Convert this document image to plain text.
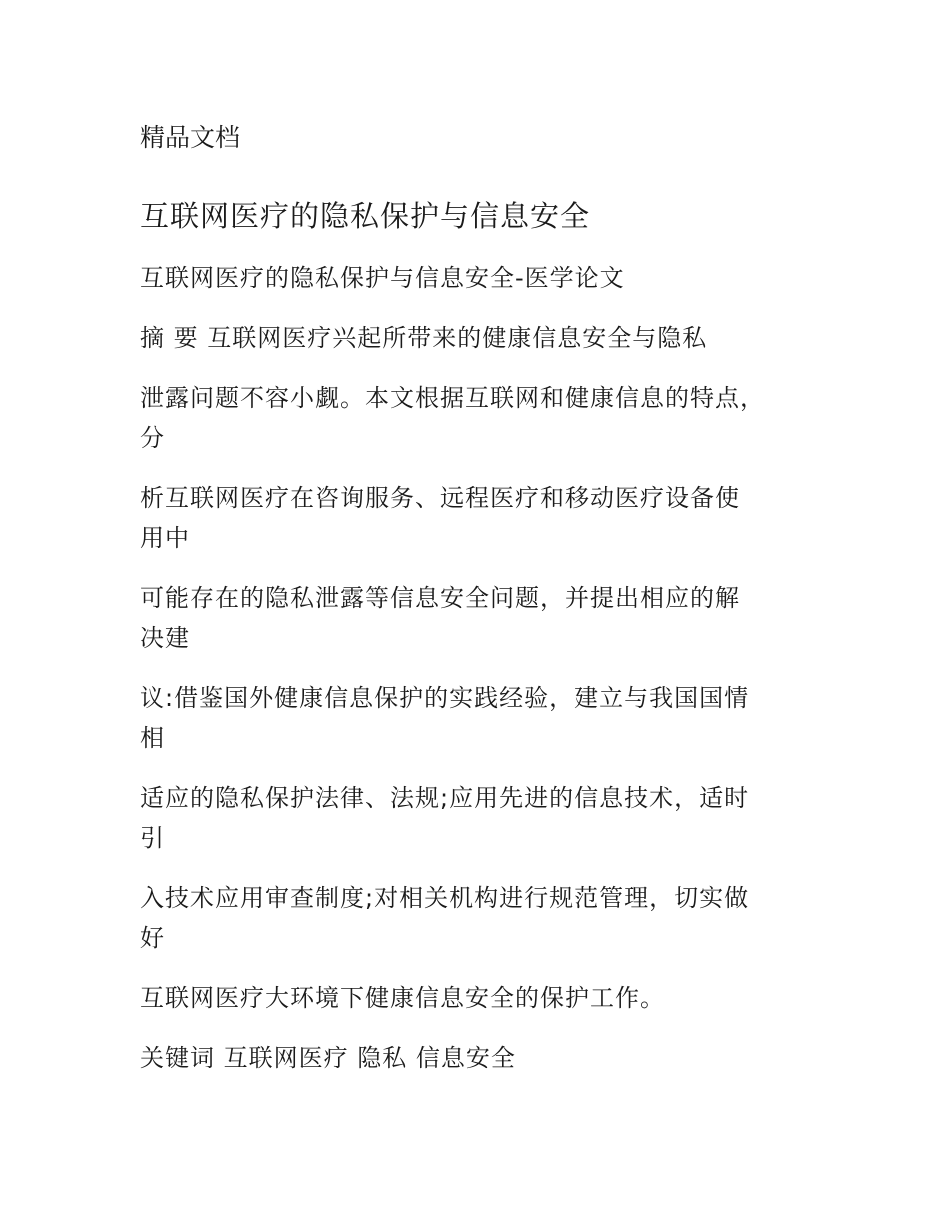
精品文档
互联网医疗的隐私保护与信息安全
互联网医疗的隐私保护与信息安全-医学论文
摘 要 互联网医疗兴起所带来的健康信息安全与隐私
泄露问题不容小觑。本文根据互联网和健康信息的特点，
分
析互联网医疗在咨询服务、远程医疗和移动医疗设备使
用中
可能存在的隐私泄露等信息安全问题，并提出相应的解
决建
议:借鉴国外健康信息保护的实践经验，建立与我国国情
相
适应的隐私保护法律、法规;应用先进的信息技术，适时
引
入技术应用审查制度;对相关机构进行规范管理，切实做
好
互联网医疗大环境下健康信息安全的保护工作。
关键词 互联网医疗 隐私 信息安全
